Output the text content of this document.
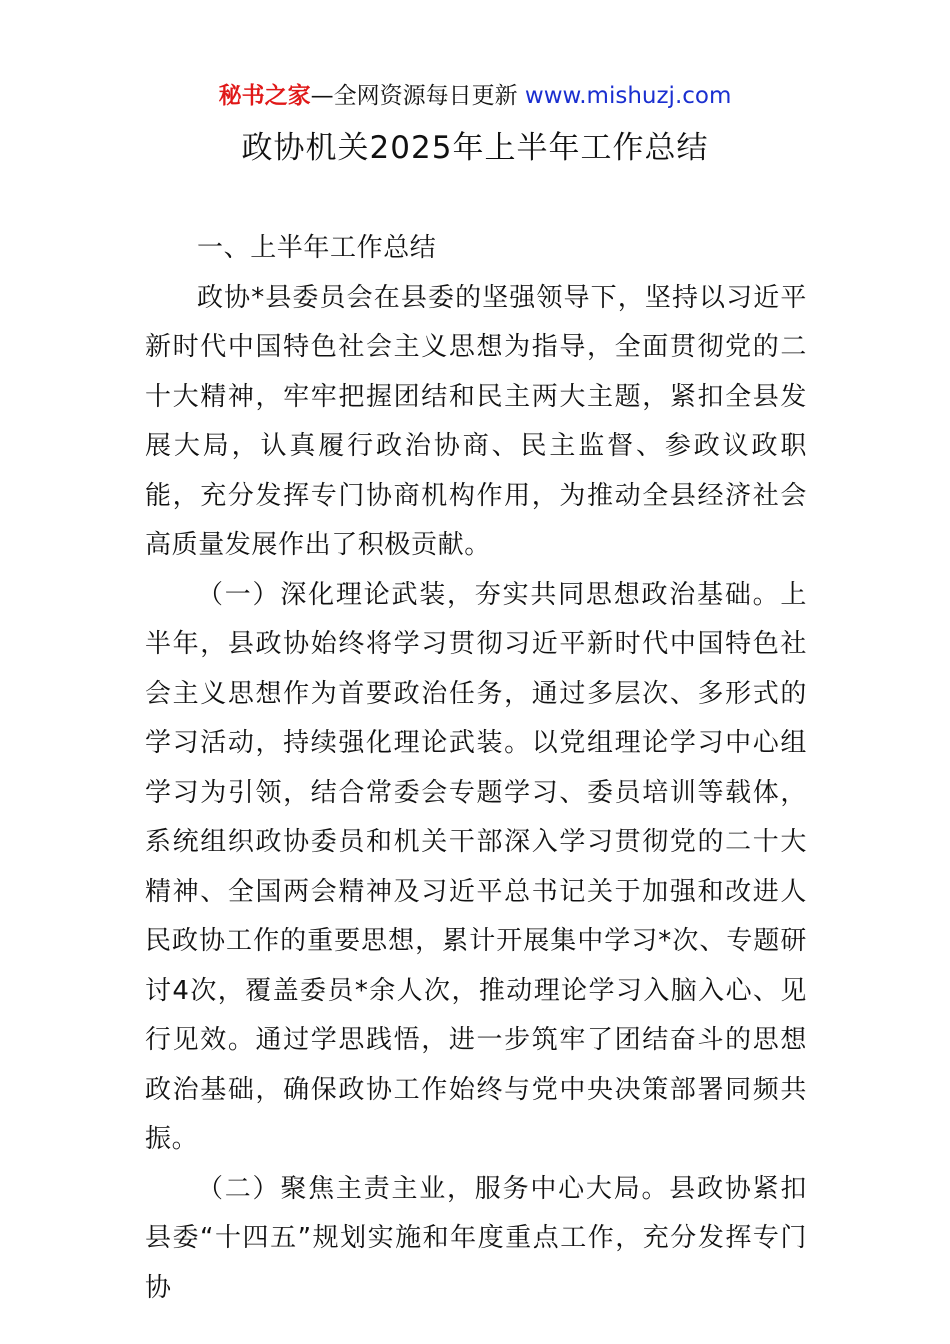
秘书之家—全网资源每日更新 www.mishuzj.com
政协机关2025年上半年工作总结

一、上半年工作总结

政协*县委员会在县委的坚强领导下，坚持以习近平新时代中国特色社会主义思想为指导，全面贯彻党的二十大精神，牢牢把握团结和民主两大主题，紧扣全县发展大局，认真履行政治协商、民主监督、参政议政职能，充分发挥专门协商机构作用，为推动全县经济社会高质量发展作出了积极贡献。

（一）深化理论武装，夯实共同思想政治基础。上半年，县政协始终将学习贯彻习近平新时代中国特色社会主义思想作为首要政治任务，通过多层次、多形式的学习活动，持续强化理论武装。以党组理论学习中心组学习为引领，结合常委会专题学习、委员培训等载体，系统组织政协委员和机关干部深入学习贯彻党的二十大精神、全国两会精神及习近平总书记关于加强和改进人民政协工作的重要思想，累计开展集中学习*次、专题研讨4次，覆盖委员*余人次，推动理论学习入脑入心、见行见效。通过学思践悟，进一步筑牢了团结奋斗的思想政治基础，确保政协工作始终与党中央决策部署同频共振。

（二）聚焦主责主业，服务中心大局。县政协紧扣县委“十四五”规划实施和年度重点工作，充分发挥专门协
